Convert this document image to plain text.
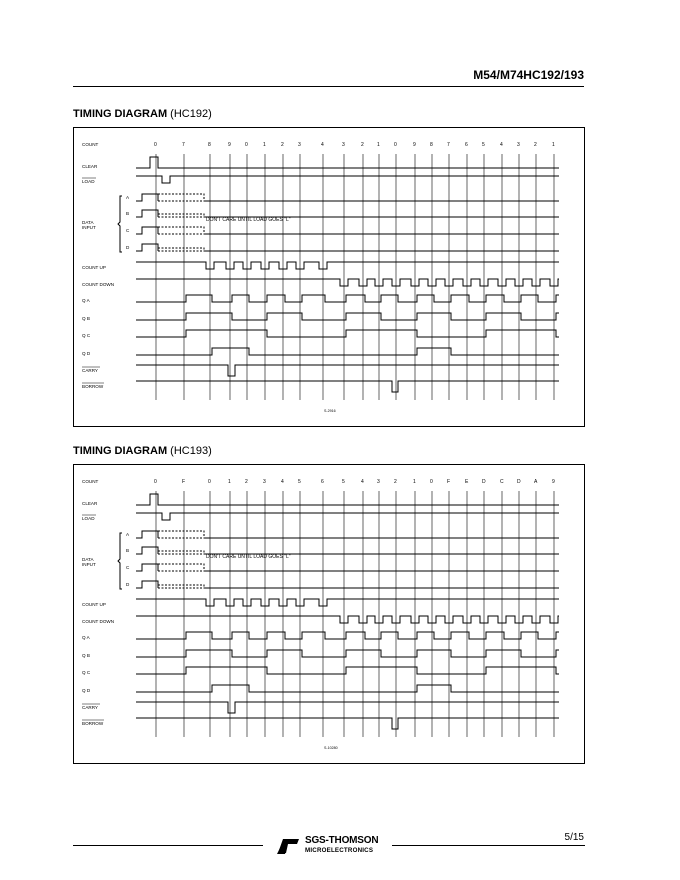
M54/M74HC192/193
TIMING DIAGRAM (HC192)
0	7	8	9	0	1	2	3	4	3	2	1	0	9	8	7	6	5	4	3	2	1
COUNT
CLEAR
LOAD
DATA
INPUT
A
B
C
D
COUNT UP
COUNT DOWN
Q A
Q B
Q C
Q D
CARRY
BORROW
DON'T CARE UNTIL LOAD GOES "L"
S-2916
TIMING DIAGRAM (HC193)
0	F	0	1	2	3	4	5	6	5	4	3	2	1	0	F	E	D	C	D	A	9
COUNT
CLEAR
LOAD
DATA
INPUT
A
B
C
D
COUNT UP
COUNT DOWN
Q A
Q B
Q C
Q D
CARRY
BORROW
DON'T CARE UNTIL LOAD GOES "L"
S-10280
SGS-THOMSON
MICROELECTRONICS
5/15
